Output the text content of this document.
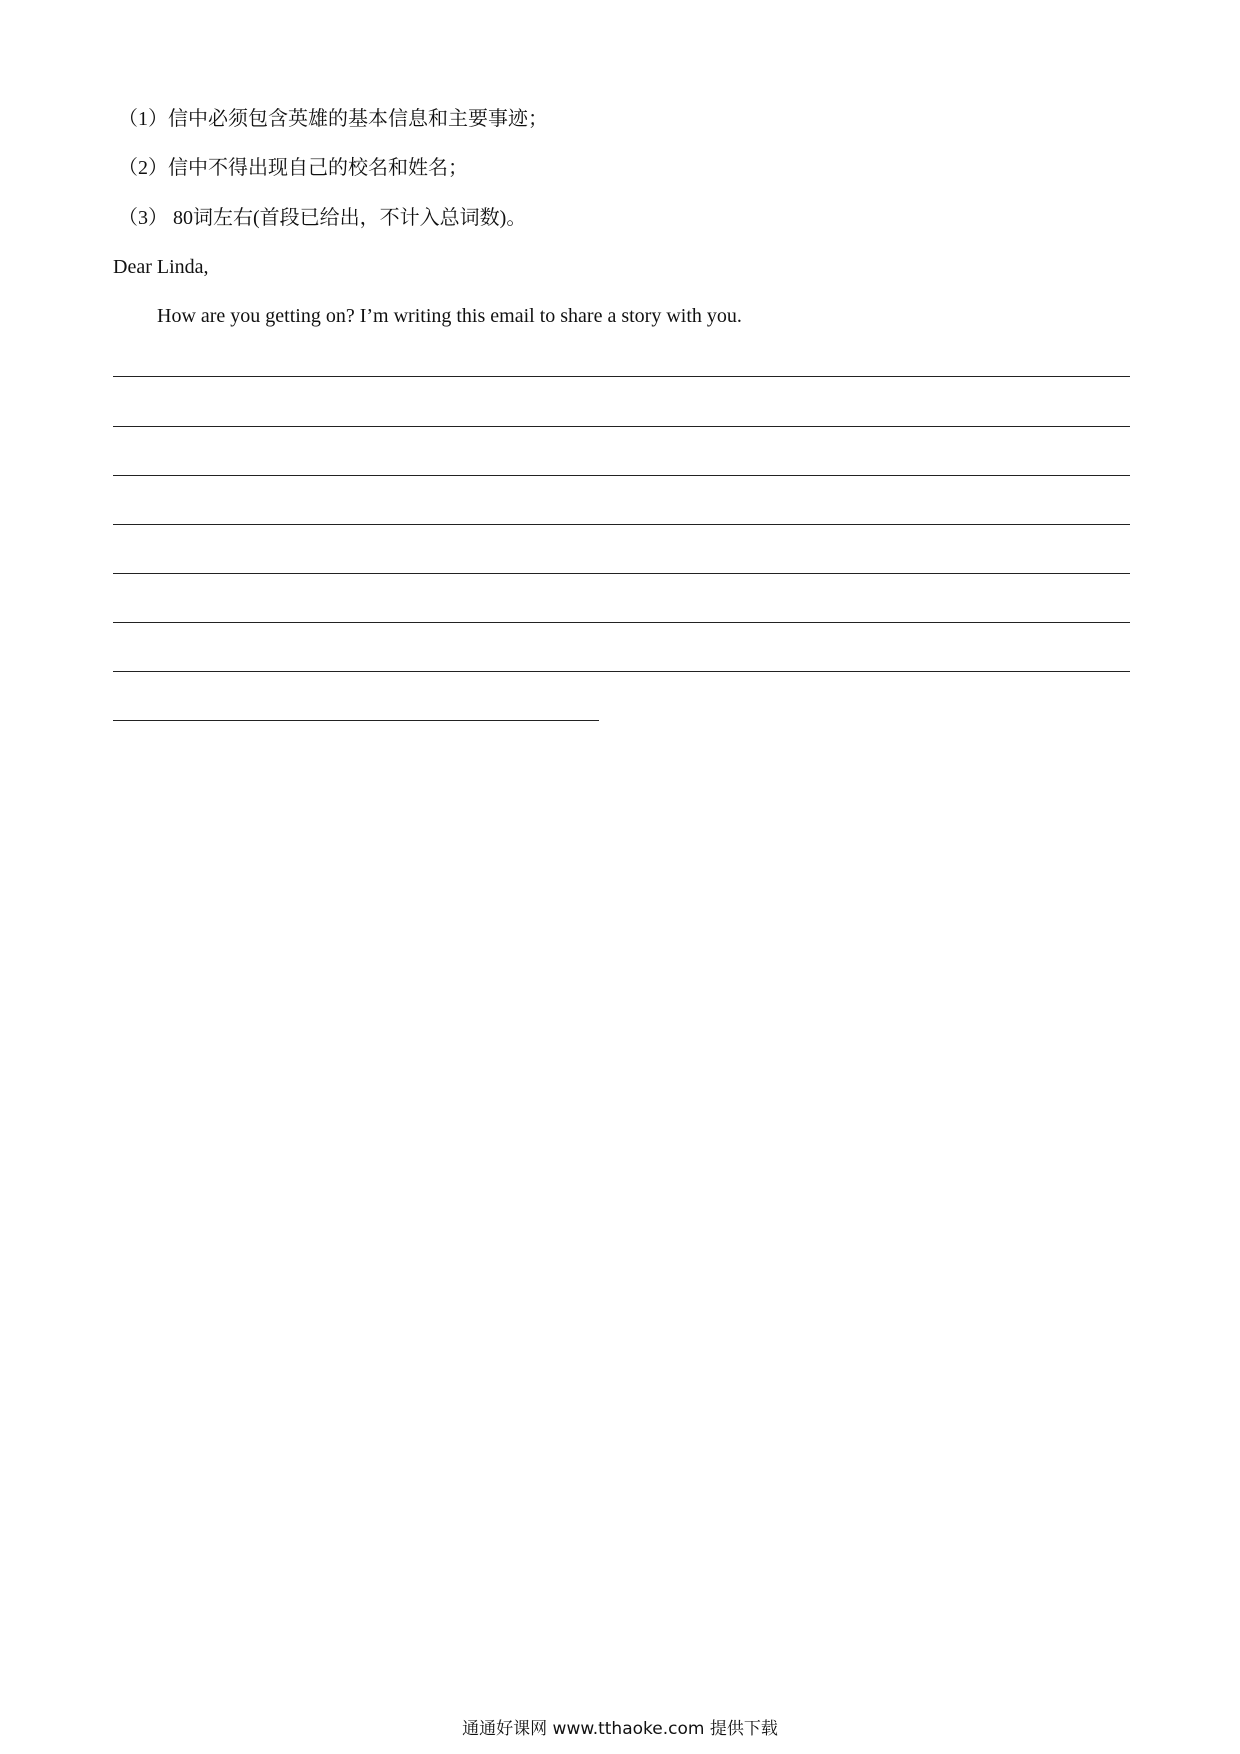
（1）信中必须包含英雄的基本信息和主要事迹；
（2）信中不得出现自己的校名和姓名；
（3） 80词左右(首段已给出，不计入总词数)。
Dear Linda,
How are you getting on? I’m writing this email to share a story with you.
通通好课网 www.tthaoke.com 提供下载
